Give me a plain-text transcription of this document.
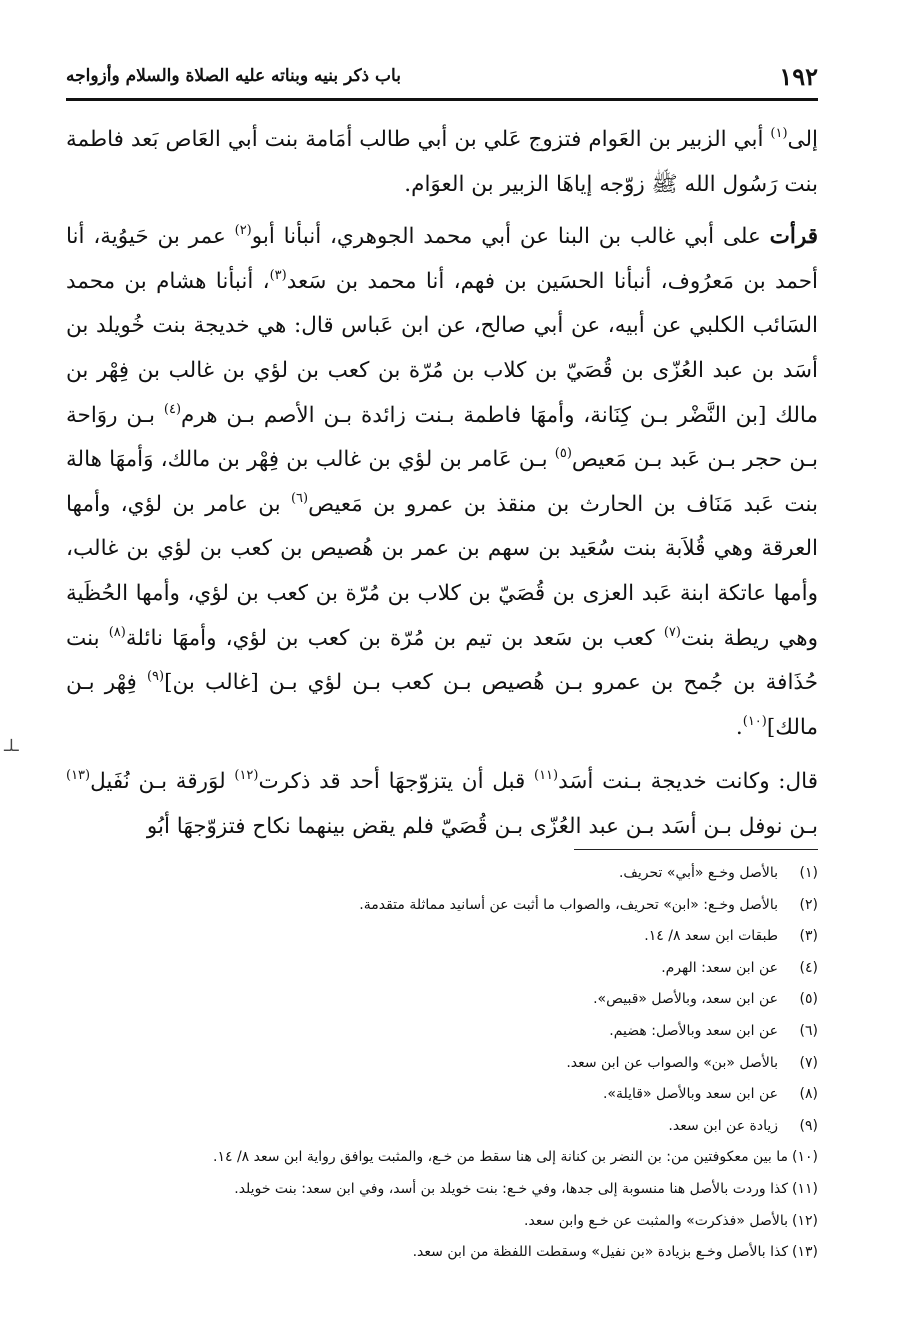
١٩٢
باب ذكر بنيه وبناته عليه الصلاة والسلام وأزواجه

إلى$^{(١)}$ أبي الزبير بن العَوام فتزوج عَلي بن أبي طالب أمَامة بنت أبي العَاص بَعد فاطمة بنت رَسُول الله ﷺ زوّجه إياهَا الزبير بن العوَام.

قرأت على أبي غالب بن البنا عن أبي محمد الجوهري، أنبأنا أبو$^{(٢)}$ عمر بن حَيوُية، أنا أحمد بن مَعرُوف، أنبأنا الحسَين بن فهم، أنا محمد بن سَعد$^{(٣)}$، أنبأنا هشام بن محمد السَائب الكلبي عن أبيه، عن أبي صالح، عن ابن عَباس قال: هي خديجة بنت خُويلد بن أسَد بن عبد العُزّى بن قُصَيّ بن كلاب بن مُرّة بن كعب بن لؤي بن غالب بن فِهْر بن مالك [بن النَّضْر بـن كِنَانة، وأمهَا فاطمة بـنت زائدة بـن الأصم بـن هرم$^{(٤)}$ بـن روَاحة بـن حجر بـن عَبد بـن مَعيص$^{(٥)}$ بـن عَامر بن لؤي بن غالب بن فِهْر بن مالك، وَأمهَا هالة بنت عَبد مَنَاف بن الحارث بن منقذ بن عمرو بن مَعيص$^{(٦)}$ بن عامر بن لؤي، وأمها العرقة وهي قُلاَبة بنت سُعَيد بن سهم بن عمر بن هُصيص بن كعب بن لؤي بن غالب، وأمها عاتكة ابنة عَبد العزى بن قُصَيّ بن كلاب بن مُرّة بن كعب بن لؤي، وأمها الحُظَية وهي ريطة بنت$^{(٧)}$ كعب بن سَعد بن تيم بن مُرّة بن كعب بن لؤي، وأمهَا نائلة$^{(٨)}$ بنت حُذَافة بن جُمح بن عمرو بـن هُصيص بـن كعب بـن لؤي بـن [غالب بن]$^{(٩)}$ فِهْر بـن مالك]$^{(١٠)}$.

قال: وكانت خديجة بـنت أسَد$^{(١١)}$ قبل أن يتزوّجهَا أحد قد ذكرت$^{(١٢)}$ لوَرقة بـن نُفَيل$^{(١٣)}$ بـن نوفل بـن أسَد بـن عبد العُزّى بـن قُصَيّ فلم يقض بينهما نكاح فتزوّجهَا أبُو

ـلـ
(١)
بالأصل وخـع «أبي» تحريف.
(٢)
بالأصل وخـع: «ابن» تحريف، والصواب ما أثبت عن أسانيد مماثلة متقدمة.
(٣)
طبقات ابن سعد ٨/ ١٤.
(٤)
عن ابن سعد: الهرم.
(٥)
عن ابن سعد، وبالأصل «قبيص».
(٦)
عن ابن سعد وبالأصل: هضيم.
(٧)
بالأصل «بن» والصواب عن ابن سعد.
(٨)
عن ابن سعد وبالأصل «قايلة».
(٩)
زيادة عن ابن سعد.
(١٠)
ما بين معكوفتين من: بن النضر بن كنانة إلى هنا سقط من خـع، والمثبت يوافق رواية ابن سعد ٨/ ١٤.
(١١)
كذا وردت بالأصل هنا منسوبة إلى جدها، وفي خـع: بنت خويلد بن أسد، وفي ابن سعد: بنت خويلد.
(١٢)
بالأصل «فذكرت» والمثبت عن خـع وابن سعد.
(١٣)
كذا بالأصل وخـع بزيادة «بن نفيل» وسقطت اللفظة من ابن سعد.
